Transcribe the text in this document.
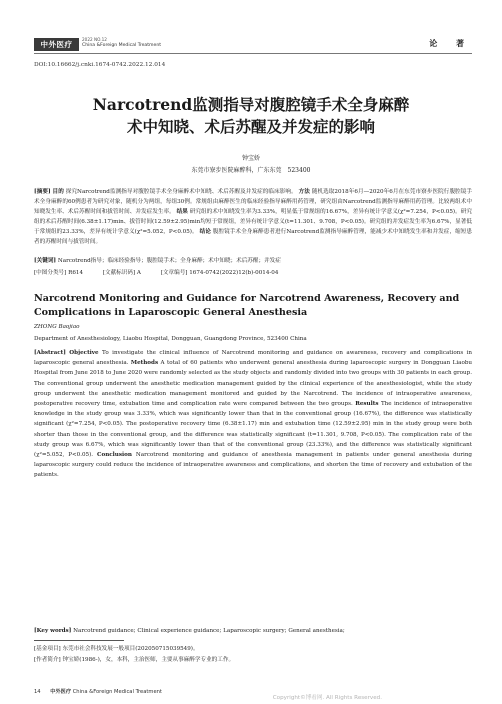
中外医疗
2022 NO.12
China &Foreign Medical Treatment	论 著
DOI:10.16662/j.cnki.1674-0742.2022.12.014
Narcotrend监测指导对腹腔镜手术全身麻醉
术中知晓、术后苏醒及并发症的影响
钟宝娇
东莞市寮步医院麻醉科，广东东莞　523400
[摘要] 目的 探究Narcotrend监测指导对腹腔镜手术全身麻醉术中知晓、术后苏醒及并发症的临床影响。 方法 随机选取2018年6月—2020年6月在东莞市寮步医院行腹腔镜手术全身麻醉的60例患者为研究对象，随机分为两组，每组30例。常规组由麻醉医生的临床经验指导麻醉用药管理，研究组由Narcotrend监测指导麻醉用药管理。比较两组术中知晓发生率、术后苏醒时间和拔管时间、并发症发生率。 结果 研究组的术中知晓发生率为3.33%，明显低于常规组的16.67%，差异有统计学意义(χ²=7.254，P<0.05)。研究组的术后苏醒时间(6.38±1.17)min、拔管时间(12.59±2.95)min均短于常规组，差异有统计学意义(t=11.301、9.708，P<0.05)。研究组的并发症发生率为6.67%，显著低于常规组的23.33%，差异有统计学意义(χ²=5.052，P<0.05)。 结论 腹腔镜手术全身麻醉患者进行Narcotrend监测指导麻醉管理，能减少术中知晓发生率和并发症，缩短患者的苏醒时间与拔管时间。
[关键词] Narcotrend指导；临床经验指导；腹腔镜手术；全身麻醉；术中知晓；术后苏醒；并发症
[中图分类号] R614	[文献标识码] A	[文章编号] 1674-0742(2022)12(b)-0014-04
Narcotrend Monitoring and Guidance for Narcotrend Awareness, Recovery and Complications in Laparoscopic General Anesthesia
ZHONG Baojiao
Department of Anesthesiology, Liaobu Hospital, Dongguan, Guangdong Province, 523400 China
[Abstract] Objective To investigate the clinical influence of Narcotrend monitoring and guidance on awareness, recovery and complications in laparoscopic general anesthesia. Methods A total of 60 patients who underwent general anesthesia during laparoscopic surgery in Dongguan Liaobu Hospital from June 2018 to June 2020 were randomly selected as the study objects and randomly divided into two groups with 30 patients in each group. The conventional group underwent the anesthetic medication management guided by the clinical experience of the anesthesiologist, while the study group underwent the anesthetic medication management monitored and guided by the Narcotrend. The incidence of intraoperative awareness, postoperative recovery time, extubation time and complication rate were compared between the two groups. Results The incidence of intraoperative knowledge in the study group was 3.33%, which was significantly lower than that in the conventional group (16.67%), the difference was statistically significant (χ²=7.254, P<0.05). The postoperative recovery time (6.38±1.17) min and extubation time (12.59±2.95) min in the study group were both shorter than those in the conventional group, and the difference was statistically significant (t=11.301, 9.708, P<0.05). The complication rate of the study group was 6.67%, which was significantly lower than that of the conventional group (23.33%), and the difference was statistically significant (χ²=5.052, P<0.05). Conclusion Narcotrend monitoring and guidance of anesthesia management in patients under general anesthesia during laparoscopic surgery could reduce the incidence of intraoperative awareness and complications, and shorten the time of recovery and extubation of the patients.
[Key words] Narcotrend guidance; Clinical experience guidance; Laparoscopic surgery; General anesthesia;
[基金项目] 东莞市社会科技发展一般项目(202050715039549)。
[作者简介] 钟宝娇(1986-)，女，本科，主治医师，主要从事麻醉学专业的工作。
14 中外医疗 China &Foreign Medical Treatment
Copyright©博看网. All Rights Reserved.
